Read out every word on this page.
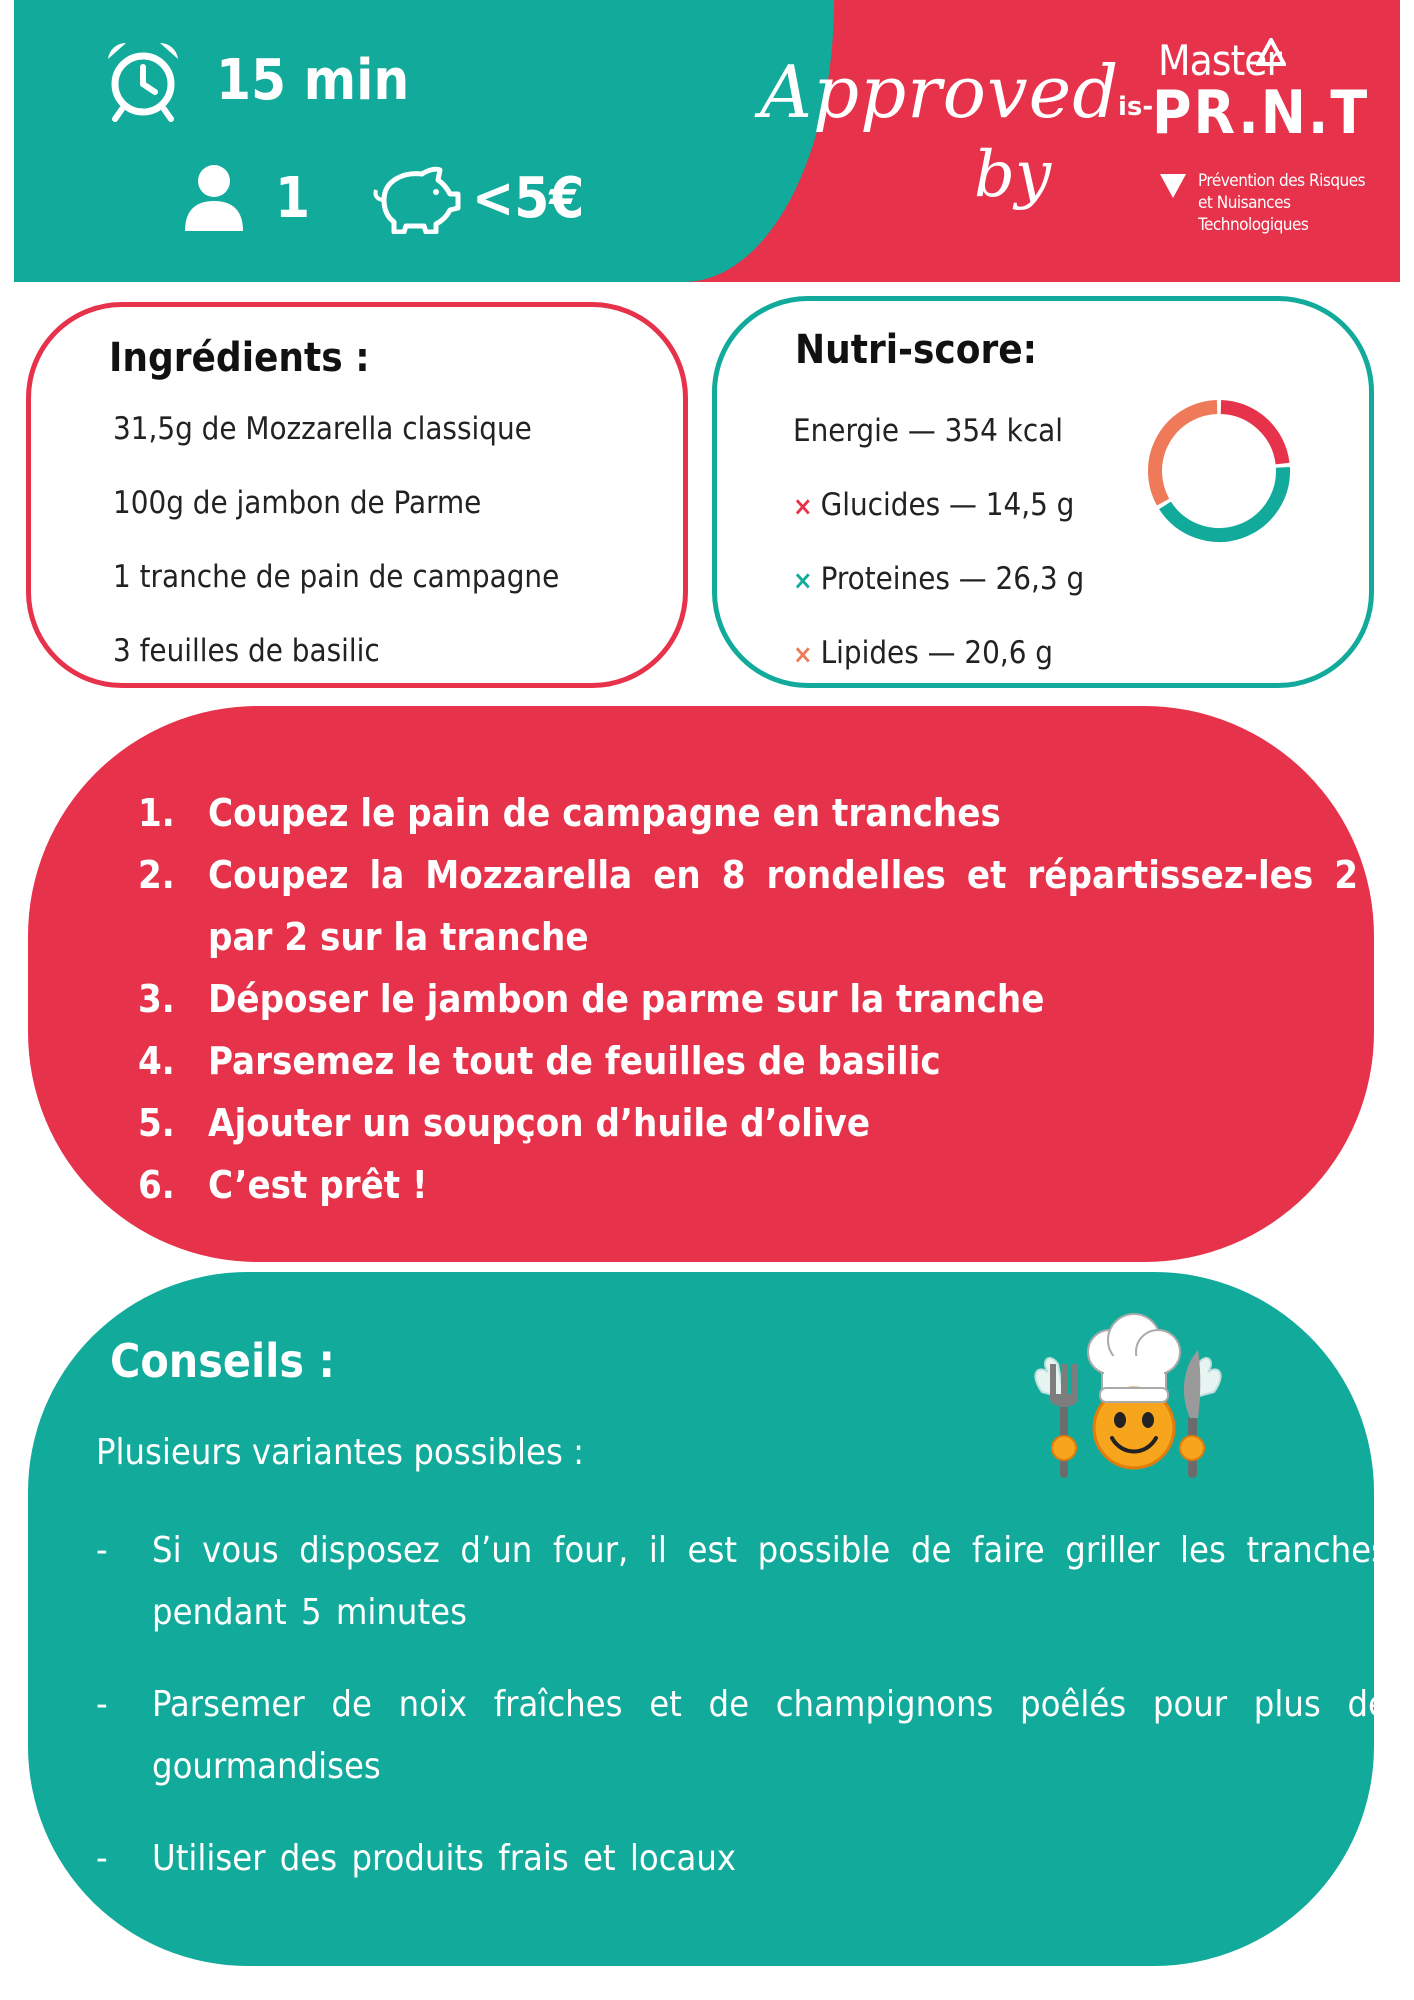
15 min
1	<5€
Approved
by
Master
is-
PR.N.T
Prévention des Risques
et Nuisances Technologiques
Ingrédients :
31,5g de Mozzarella classique
100g de jambon de Parme
1 tranche de pain de campagne
3 feuilles de basilic
Nutri-score:
Energie — 354 kcal
× Glucides — 14,5 g
× Proteines — 26,3 g
× Lipides — 20,6 g
1. Coupez le pain de campagne en tranches
2. Coupez la Mozzarella en 8 rondelles et répartissez-les 2 par 2 sur la tranche
3. Déposer le jambon de parme sur la tranche
4. Parsemez le tout de feuilles de basilic
5. Ajouter un soupçon d’huile d’olive
6. C’est prêt !
Conseils :
Plusieurs variantes possibles :
-	Si vous disposez d’un four, il est possible de faire griller les tranches pendant 5 minutes
-	Parsemer de noix fraîches et de champignons poêlés pour plus de gourmandises
-	Utiliser des produits frais et locaux
